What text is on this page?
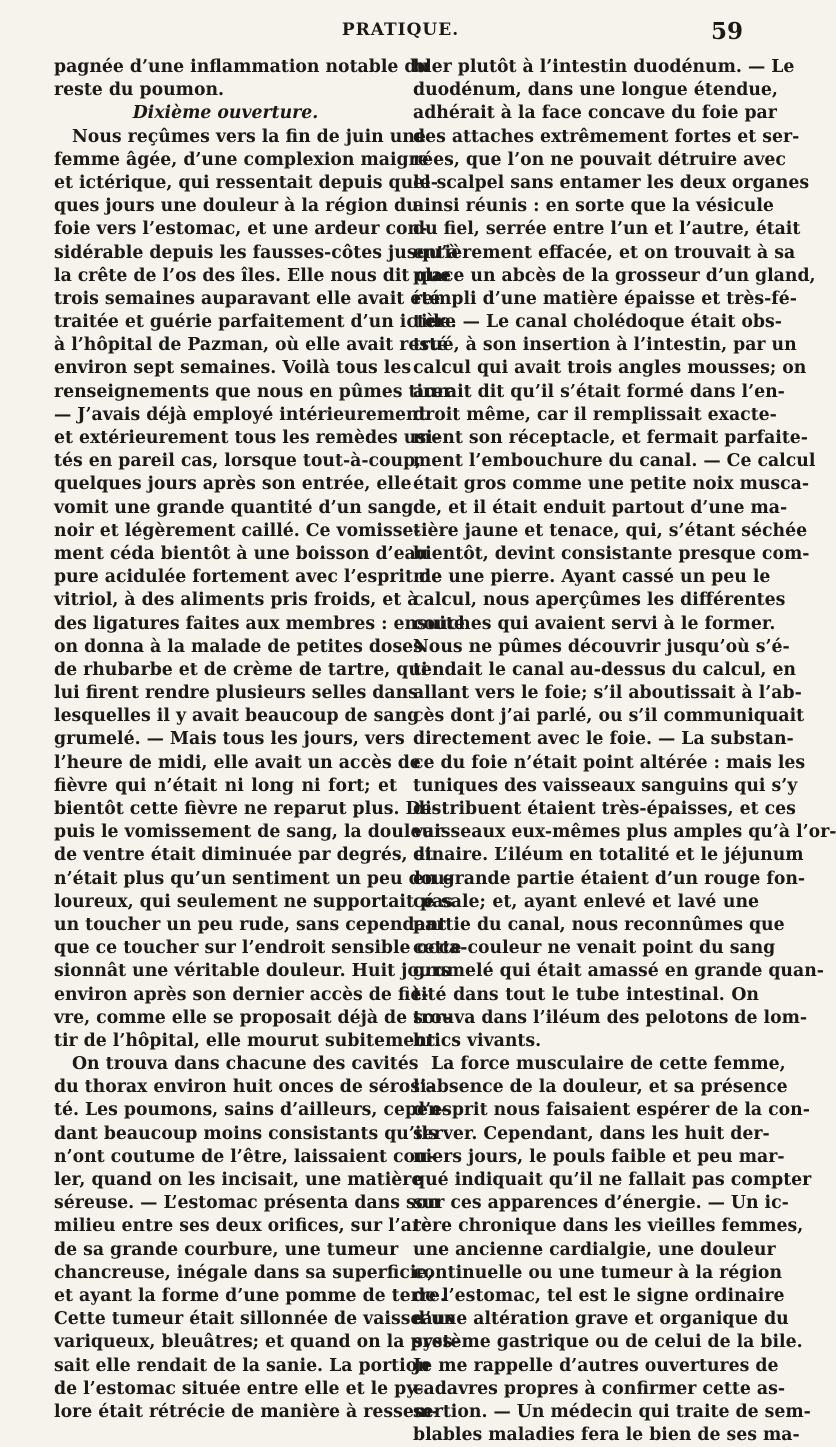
PRATIQUE.	59
pagnée d’une inflammation notable du
reste du poumon.
Dixième ouverture.
Nous reçûmes vers la fin de juin une
femme âgée, d’une complexion maigre
et ictérique, qui ressentait depuis quel-
ques jours une douleur à la région du
foie vers l’estomac, et une ardeur con-
sidérable depuis les fausses-côtes jusqu’à
la crête de l’os des îles. Elle nous dit que
trois semaines auparavant elle avait été
traitée et guérie parfaitement d’un ictère
à l’hôpital de Pazman, où elle avait resté
environ sept semaines. Voilà tous les
renseignements que nous en pûmes tirer.
— J’avais déjà employé intérieurement
et extérieurement tous les remèdes usi-
tés en pareil cas, lorsque tout-à-coup,
quelques jours après son entrée, elle
vomit une grande quantité d’un sang
noir et légèrement caillé. Ce vomisse-
ment céda bientôt à une boisson d’eau
pure acidulée fortement avec l’esprit de
vitriol, à des aliments pris froids, et à
des ligatures faites aux membres : ensuite
on donna à la malade de petites doses
de rhubarbe et de crème de tartre, qui
lui firent rendre plusieurs selles dans
lesquelles il y avait beaucoup de sang
grumelé. — Mais tous les jours, vers
l’heure de midi, elle avait un accès de
fièvre qui n’était ni long ni fort; et
bientôt cette fièvre ne reparut plus. De-
puis le vomissement de sang, la douleur
de ventre était diminuée par degrés, et
n’était plus qu’un sentiment un peu dou-
loureux, qui seulement ne supportait pas
un toucher un peu rude, sans cependant
que ce toucher sur l’endroit sensible occa-
sionnât une véritable douleur. Huit jours
environ après son dernier accès de fiè-
vre, comme elle se proposait déjà de sor-
tir de l’hôpital, elle mourut subitement.
On trouva dans chacune des cavités
du thorax environ huit onces de sérosi-
té. Les poumons, sains d’ailleurs, cepen-
dant beaucoup moins consistants qu’ils
n’ont coutume de l’être, laissaient cou-
ler, quand on les incisait, une matière
séreuse. — L’estomac présenta dans son
milieu entre ses deux orifices, sur l’arc
de sa grande courbure, une tumeur
chancreuse, inégale dans sa superficie,
et ayant la forme d’une pomme de terre.
Cette tumeur était sillonnée de vaisseaux
variqueux, bleuâtres; et quand on la pres-
sait elle rendait de la sanie. La portion
de l’estomac située entre elle et le py-
lore était rétrécie de manière à ressem-
bler plutôt à l’intestin duodénum. — Le
duodénum, dans une longue étendue,
adhérait à la face concave du foie par
des attaches extrêmement fortes et ser-
rées, que l’on ne pouvait détruire avec
le scalpel sans entamer les deux organes
ainsi réunis : en sorte que la vésicule
du fiel, serrée entre l’un et l’autre, était
entièrement effacée, et on trouvait à sa
place un abcès de la grosseur d’un gland,
rempli d’une matière épaisse et très-fé-
tide. — Le canal cholédoque était obs-
trué, à son insertion à l’intestin, par un
calcul qui avait trois angles mousses; on
aurait dit qu’il s’était formé dans l’en-
droit même, car il remplissait exacte-
ment son réceptacle, et fermait parfaite-
ment l’embouchure du canal. — Ce calcul
était gros comme une petite noix musca-
de, et il était enduit partout d’une ma-
tière jaune et tenace, qui, s’étant séchée
bientôt, devint consistante presque com-
me une pierre. Ayant cassé un peu le
calcul, nous aperçûmes les différentes
couches qui avaient servi à le former.
Nous ne pûmes découvrir jusqu’où s’é-
tendait le canal au-dessus du calcul, en
allant vers le foie; s’il aboutissait à l’ab-
cès dont j’ai parlé, ou s’il communiquait
directement avec le foie. — La substan-
ce du foie n’était point altérée : mais les
tuniques des vaisseaux sanguins qui s’y
distribuent étaient très-épaisses, et ces
vaisseaux eux-mêmes plus amples qu’à l’or-
dinaire. L’iléum en totalité et le jéjunum
en grande partie étaient d’un rouge fon-
cé sale; et, ayant enlevé et lavé une
partie du canal, nous reconnûmes que
cette couleur ne venait point du sang
grumelé qui était amassé en grande quan-
tité dans tout le tube intestinal. On
trouva dans l’iléum des pelotons de lom-
brics vivants.
La force musculaire de cette femme,
l’absence de la douleur, et sa présence
d’esprit nous faisaient espérer de la con-
server. Cependant, dans les huit der-
niers jours, le pouls faible et peu mar-
qué indiquait qu’il ne fallait pas compter
sur ces apparences d’énergie. — Un ic-
tère chronique dans les vieilles femmes,
une ancienne cardialgie, une douleur
continuelle ou une tumeur à la région
de l’estomac, tel est le signe ordinaire
d’une altération grave et organique du
système gastrique ou de celui de la bile.
Je me rappelle d’autres ouvertures de
cadavres propres à confirmer cette as-
sertion. — Un médecin qui traite de sem-
blables maladies fera le bien de ses ma-
